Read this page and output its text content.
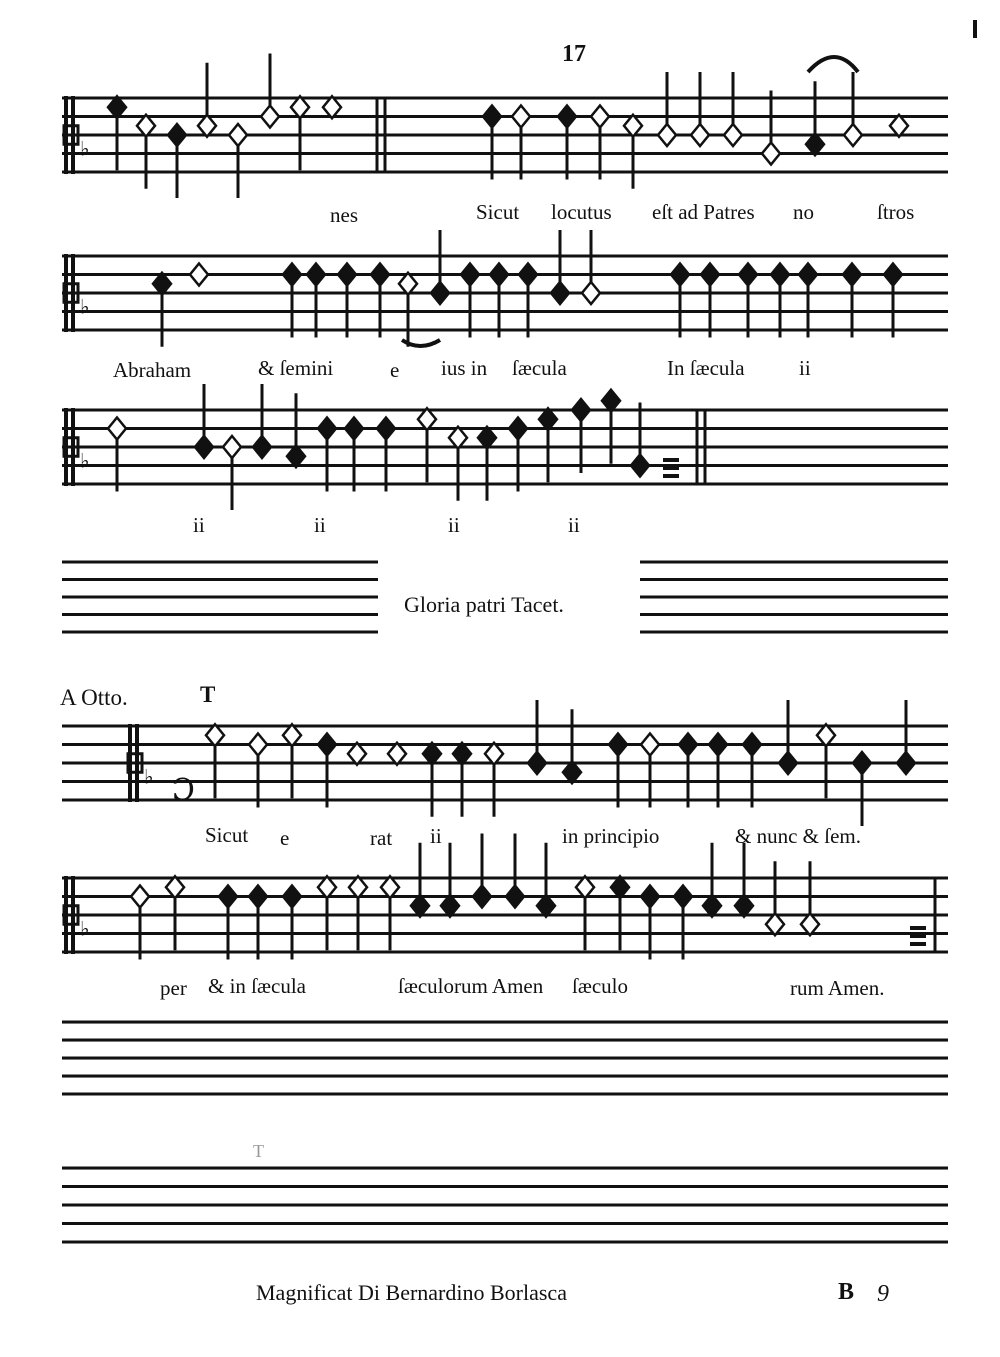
♭
♭
♭
♭
♭
Ɔ
17
nes	Sicut locutus eſt ad Patres no	ſtros
Abraham	& ſemini	e ius in ſæcula	In ſæcula	ii
ii	ii	ii	ii
Gloria patri Tacet.
A Otto.	T
Sicut e	rat ii	in principio	& nunc & ſem.
per & in ſæcula	ſæculorum Amen ſæculo	rum Amen.
T
Magnificat Di Bernardino Borlasca	B 9
